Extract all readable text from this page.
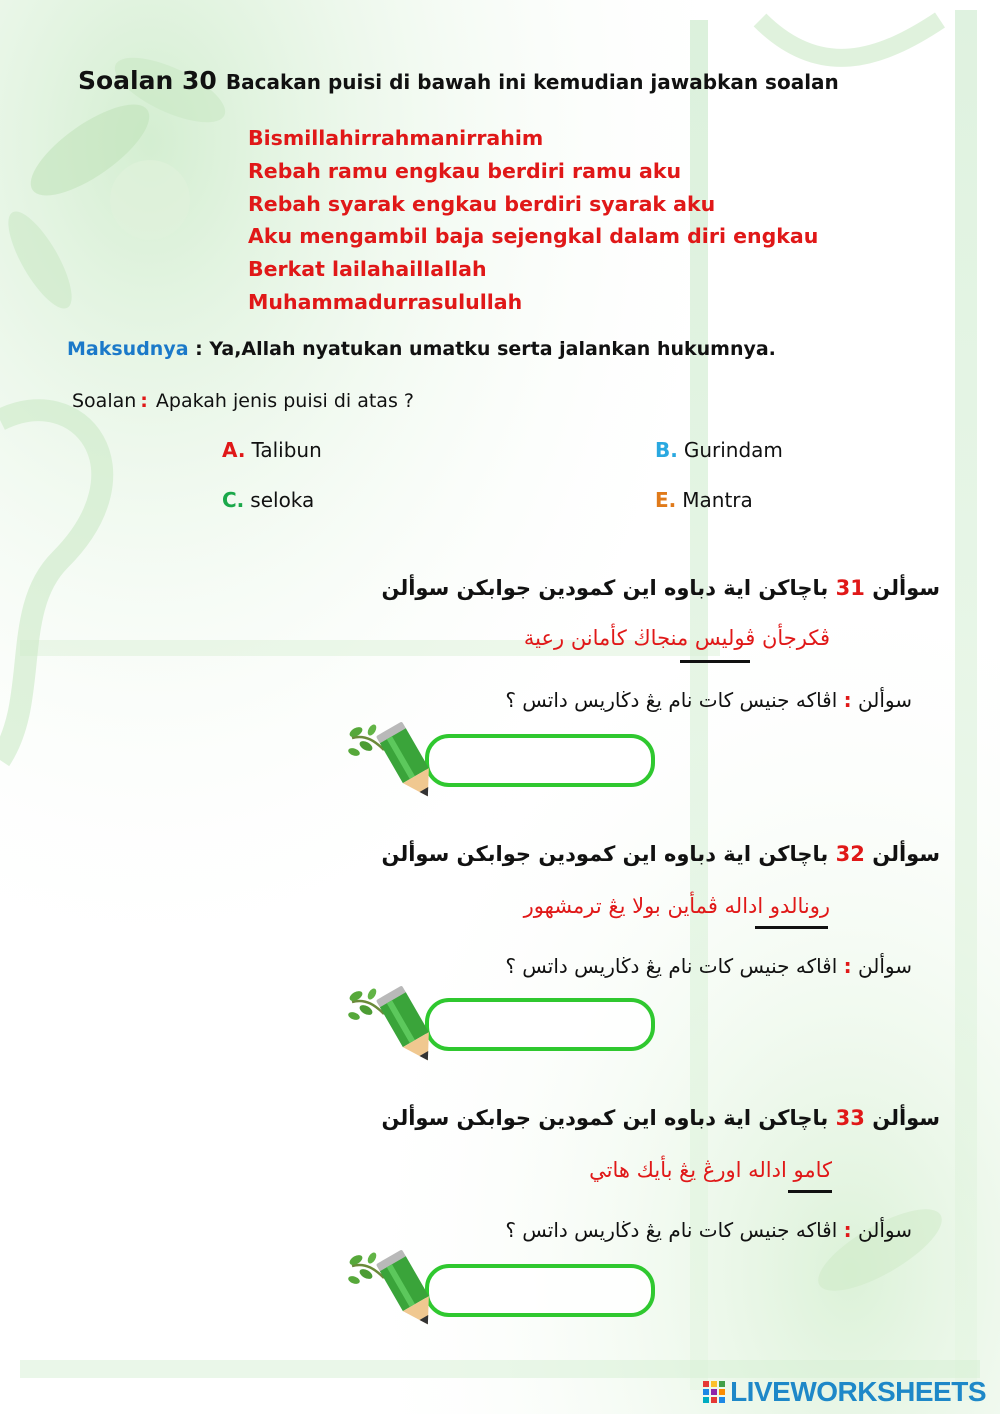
Soalan 30 Bacakan puisi di bawah ini kemudian jawabkan soalan
Bismillahirrahmanirrahim
Rebah ramu engkau berdiri ramu aku
Rebah syarak engkau berdiri syarak aku
Aku mengambil baja sejengkal dalam diri engkau
Berkat lailahaillallah
Muhammadurrasulullah
Maksudnya : Ya,Allah nyatukan umatku serta jalankan hukumnya.
Soalan : Apakah jenis puisi di atas ?
A. Talibun	B. Gurindam
C. seloka	E. Mantra
سوألن 31 باچاكن اية دباوه اين كمودين جوابكن سوألن
ڤكرجأن ڤوليس منجاڬ كأمانن رعية
سوألن : اڤاكه جنيس كات نام يڠ دڬاريس داتس ؟
سوألن 32 باچاكن اية دباوه اين كمودين جوابكن سوألن
رونالدو اداله ڤمأين بولا يڠ ترمشهور
سوألن : اڤاكه جنيس كات نام يڠ دڬاريس داتس ؟
سوألن 33 باچاكن اية دباوه اين كمودين جوابكن سوألن
كامو اداله اورڠ يڠ بأيك هاتي
سوألن : اڤاكه جنيس كات نام يڠ دڬاريس داتس ؟
LIVEWORKSHEETS
